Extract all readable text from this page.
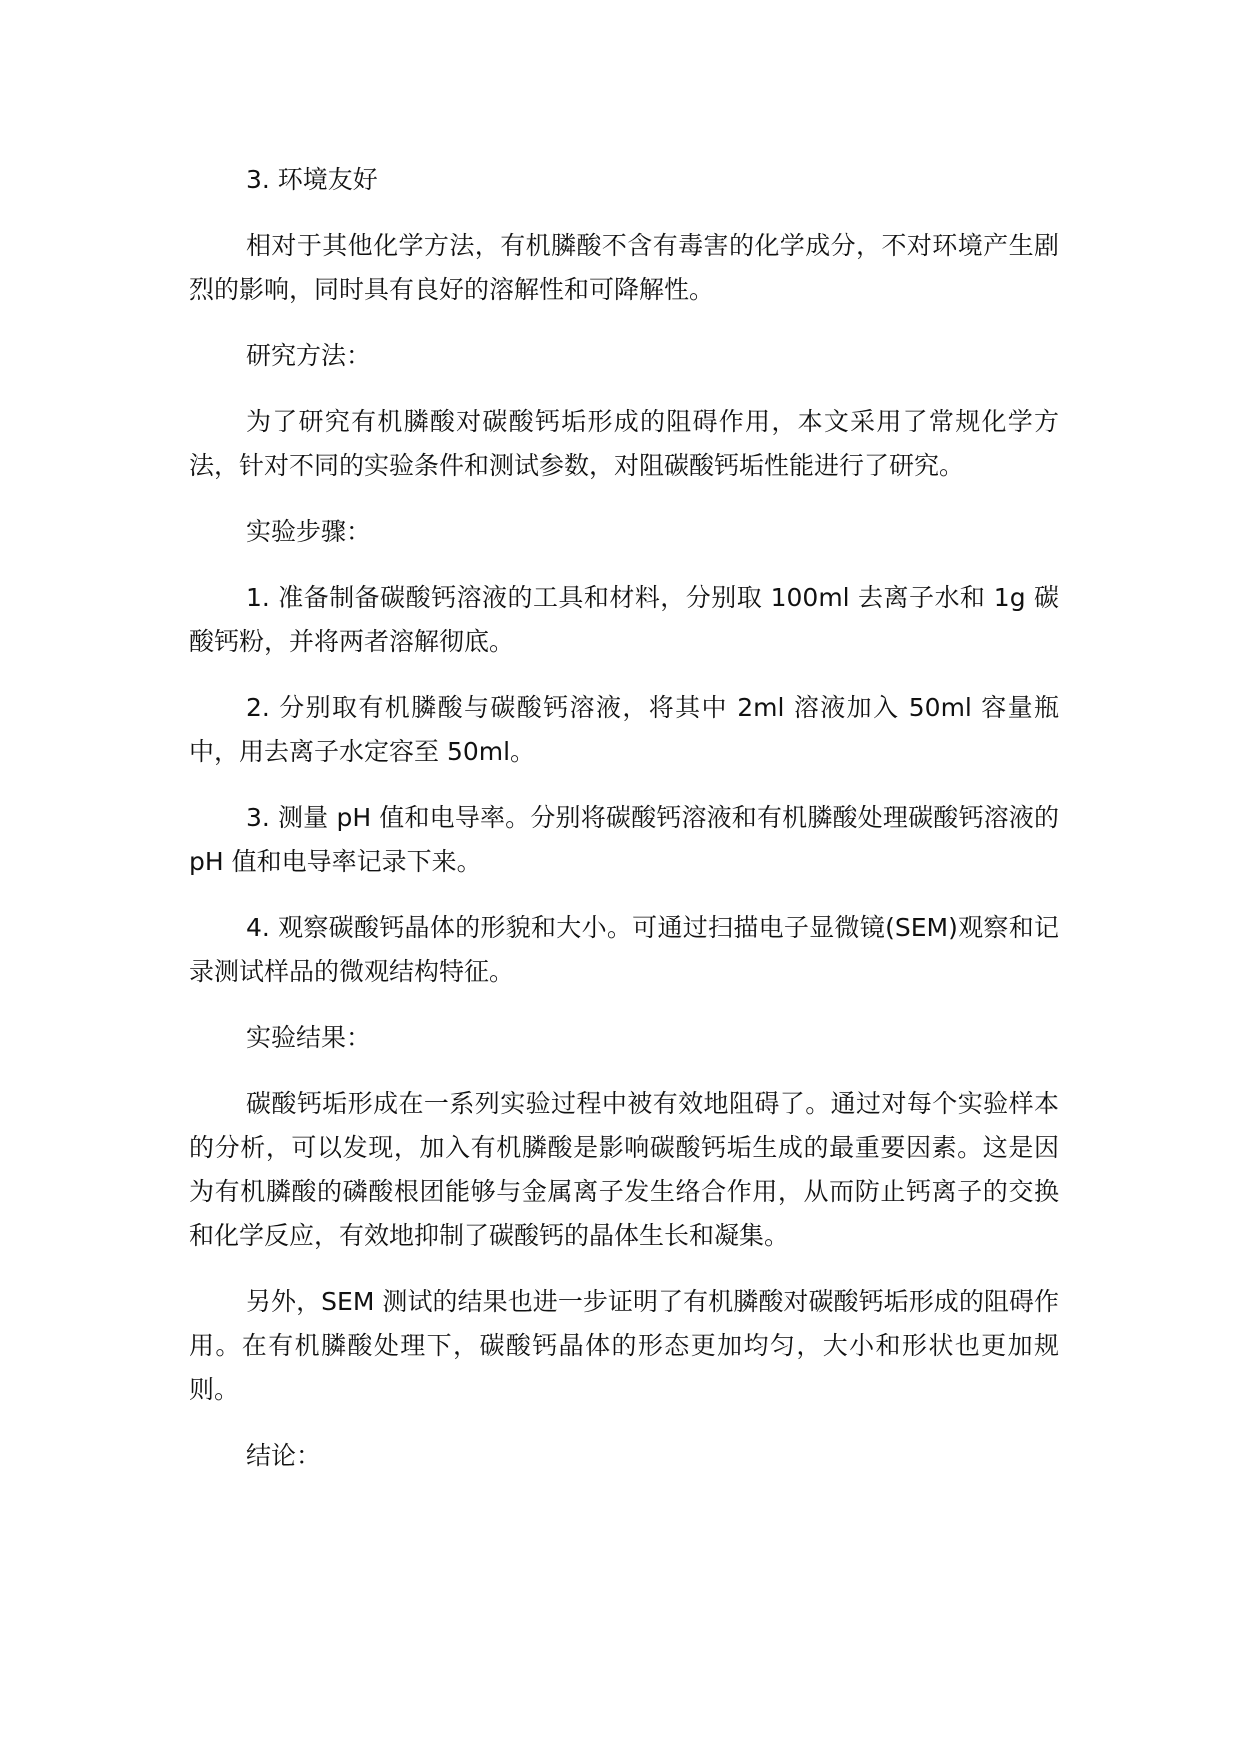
3. 环境友好

相对于其他化学方法，有机膦酸不含有毒害的化学成分，不对环境产生剧烈的影响，同时具有良好的溶解性和可降解性。

研究方法：

为了研究有机膦酸对碳酸钙垢形成的阻碍作用，本文采用了常规化学方法，针对不同的实验条件和测试参数，对阻碳酸钙垢性能进行了研究。

实验步骤：

1. 准备制备碳酸钙溶液的工具和材料，分别取 100ml 去离子水和 1g 碳酸钙粉，并将两者溶解彻底。

2. 分别取有机膦酸与碳酸钙溶液，将其中 2ml 溶液加入 50ml 容量瓶中，用去离子水定容至 50ml。

3. 测量 pH 值和电导率。分别将碳酸钙溶液和有机膦酸处理碳酸钙溶液的 pH 值和电导率记录下来。

4. 观察碳酸钙晶体的形貌和大小。可通过扫描电子显微镜(SEM)观察和记录测试样品的微观结构特征。

实验结果：

碳酸钙垢形成在一系列实验过程中被有效地阻碍了。通过对每个实验样本的分析，可以发现，加入有机膦酸是影响碳酸钙垢生成的最重要因素。这是因为有机膦酸的磷酸根团能够与金属离子发生络合作用，从而防止钙离子的交换和化学反应，有效地抑制了碳酸钙的晶体生长和凝集。

另外，SEM 测试的结果也进一步证明了有机膦酸对碳酸钙垢形成的阻碍作用。在有机膦酸处理下，碳酸钙晶体的形态更加均匀，大小和形状也更加规则。

结论：
